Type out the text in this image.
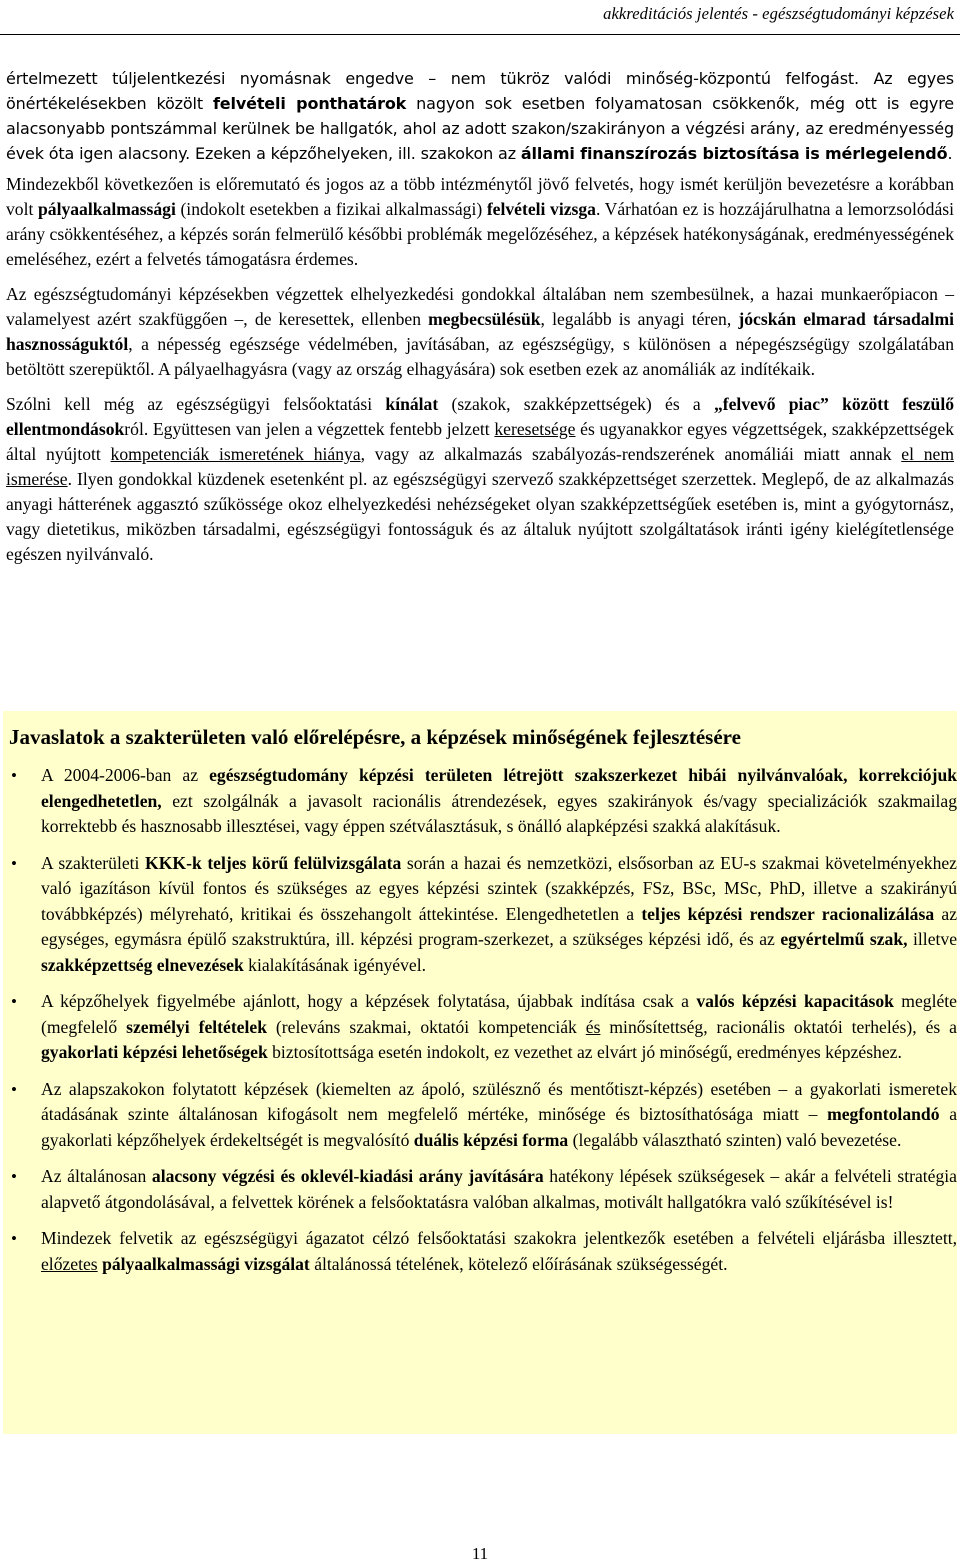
akkreditációs jelentés - egészségtudományi képzések

értelmezett túljelentkezési nyomásnak engedve – nem tükröz valódi minőség-központú felfogást. Az egyes önértékelésekben közölt felvételi ponthatárok nagyon sok esetben folyamatosan csökkenők, még ott is egyre alacsonyabb pontszámmal kerülnek be hallgatók, ahol az adott szakon/szakirányon a végzési arány, az eredményesség évek óta igen alacsony. Ezeken a képzőhelyeken, ill. szakokon az állami finanszírozás biztosítása is mérlegelendő.

Mindezekből következően is előremutató és jogos az a több intézménytől jövő felvetés, hogy ismét kerüljön bevezetésre a korábban volt pályaalkalmassági (indokolt esetekben a fizikai alkalmassági) felvételi vizsga. Várhatóan ez is hozzájárulhatna a lemorzsolódási arány csökkentéséhez, a képzés során felmerülő későbbi problémák megelőzéséhez, a képzések hatékonyságának, eredményességének emeléséhez, ezért a felvetés támogatásra érdemes.

Az egészségtudományi képzésekben végzettek elhelyezkedési gondokkal általában nem szembesülnek, a hazai munkaerőpiacon – valamelyest azért szakfüggően –, de keresettek, ellenben megbecsülésük, legalább is anyagi téren, jócskán elmarad társadalmi hasznosságuktól, a népesség egészsége védelmében, javításában, az egészségügy, s különösen a népegészségügy szolgálatában betöltött szerepüktől. A pályaelhagyásra (vagy az ország elhagyására) sok esetben ezek az anomáliák az indítékaik.

Szólni kell még az egészségügyi felsőoktatási kínálat (szakok, szakképzettségek) és a „felvevő piac” között feszülő ellentmondásokról. Együttesen van jelen a végzettek fentebb jelzett keresetsége és ugyanakkor egyes végzettségek, szakképzettségek által nyújtott kompetenciák ismeretének hiánya, vagy az alkalmazás szabályozás-rendszerének anomáliái miatt annak el nem ismerése. Ilyen gondokkal küzdenek esetenként pl. az egészségügyi szervező szakképzettséget szerzettek. Meglepő, de az alkalmazás anyagi hátterének aggasztó szűkössége okoz elhelyezkedési nehézségeket olyan szakképzettségűek esetében is, mint a gyógytornász, vagy dietetikus, miközben társadalmi, egészségügyi fontosságuk és az általuk nyújtott szolgáltatások iránti igény kielégítetlensége egészen nyilvánvaló.

Javaslatok a szakterületen való előrelépésre, a képzések minőségének fejlesztésére
• A 2004-2006-ban az egészségtudomány képzési területen létrejött szakszerkezet hibái nyilvánvalóak, korrekciójuk elengedhetetlen, ezt szolgálnák a javasolt racionális átrendezések, egyes szakirányok és/vagy specializációk szakmailag korrektebb és hasznosabb illesztései, vagy éppen szétválasztásuk, s önálló alapképzési szakká alakításuk.
• A szakterületi KKK-k teljes körű felülvizsgálata során a hazai és nemzetközi, elsősorban az EU-s szakmai követelményekhez való igazításon kívül fontos és szükséges az egyes képzési szintek (szakképzés, FSz, BSc, MSc, PhD, illetve a szakirányú továbbképzés) mélyreható, kritikai és összehangolt áttekintése. Elengedhetetlen a teljes képzési rendszer racionalizálása az egységes, egymásra épülő szakstruktúra, ill. képzési program-szerkezet, a szükséges képzési idő, és az egyértelmű szak, illetve szakképzettség elnevezések kialakításának igényével.
• A képzőhelyek figyelmébe ajánlott, hogy a képzések folytatása, újabbak indítása csak a valós képzési kapacitások megléte (megfelelő személyi feltételek (releváns szakmai, oktatói kompetenciák és minősítettség, racionális oktatói terhelés), és a gyakorlati képzési lehetőségek biztosítottsága esetén indokolt, ez vezethet az elvárt jó minőségű, eredményes képzéshez.
• Az alapszakokon folytatott képzések (kiemelten az ápoló, szülésznő és mentőtiszt-képzés) esetében – a gyakorlati ismeretek átadásának szinte általánosan kifogásolt nem megfelelő mértéke, minősége és biztosíthatósága miatt – megfontolandó a gyakorlati képzőhelyek érdekeltségét is megvalósító duális képzési forma (legalább választható szinten) való bevezetése.
• Az általánosan alacsony végzési és oklevél-kiadási arány javítására hatékony lépések szükségesek – akár a felvételi stratégia alapvető átgondolásával, a felvettek körének a felsőoktatásra valóban alkalmas, motivált hallgatókra való szűkítésével is!
• Mindezek felvetik az egészségügyi ágazatot célzó felsőoktatási szakokra jelentkezők esetében a felvételi eljárásba illesztett, előzetes pályaalkalmassági vizsgálat általánossá tételének, kötelező előírásának szükségességét.
11
